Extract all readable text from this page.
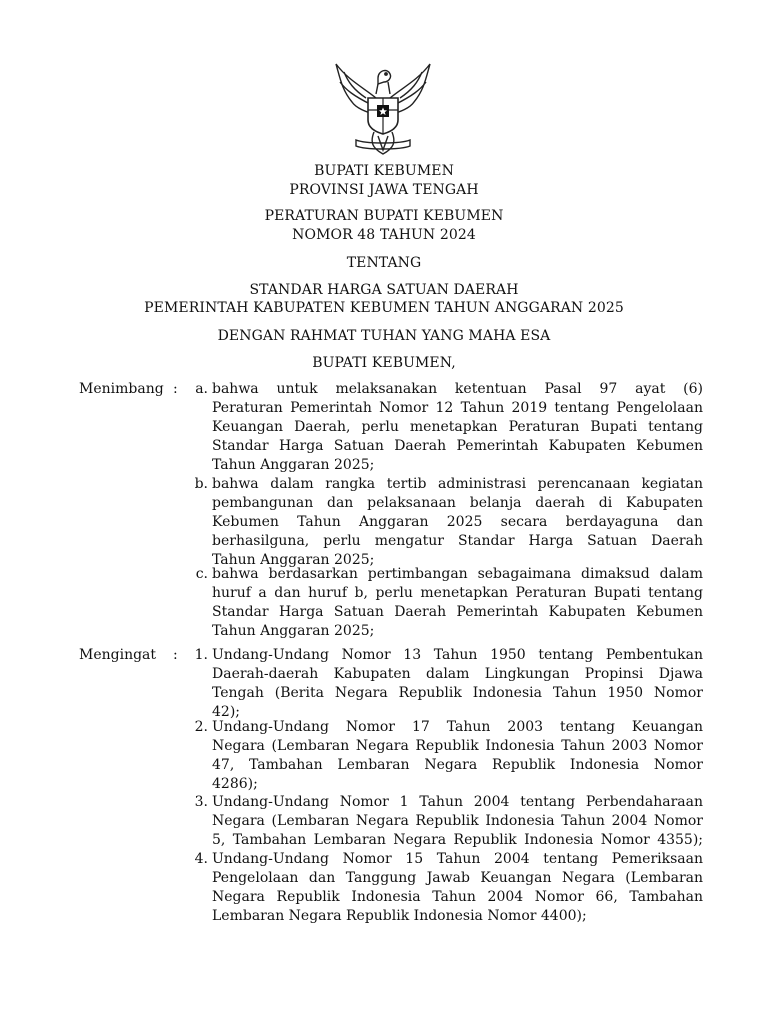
BUPATI KEBUMEN
PROVINSI JAWA TENGAH
PERATURAN BUPATI KEBUMEN
NOMOR 48 TAHUN 2024
TENTANG
STANDAR HARGA SATUAN DAERAH
PEMERINTAH KABUPATEN KEBUMEN TAHUN ANGGARAN 2025
DENGAN RAHMAT TUHAN YANG MAHA ESA
BUPATI KEBUMEN,
Menimbang :	a. bahwa untuk melaksanakan ketentuan Pasal 97 ayat (6)
Peraturan Pemerintah Nomor 12 Tahun 2019 tentang Pengelolaan
Keuangan Daerah, perlu menetapkan Peraturan Bupati tentang
Standar Harga Satuan Daerah Pemerintah Kabupaten Kebumen
Tahun Anggaran 2025;
b. bahwa dalam rangka tertib administrasi perencanaan kegiatan
pembangunan dan pelaksanaan belanja daerah di Kabupaten
Kebumen Tahun Anggaran 2025 secara berdayaguna dan
berhasilguna, perlu mengatur Standar Harga Satuan Daerah
Tahun Anggaran 2025;
c. bahwa berdasarkan pertimbangan sebagaimana dimaksud dalam
huruf a dan huruf b, perlu menetapkan Peraturan Bupati tentang
Standar Harga Satuan Daerah Pemerintah Kabupaten Kebumen
Tahun Anggaran 2025;
Mengingat :	1. Undang-Undang Nomor 13 Tahun 1950 tentang Pembentukan
Daerah-daerah Kabupaten dalam Lingkungan Propinsi Djawa
Tengah (Berita Negara Republik Indonesia Tahun 1950 Nomor
42);
2. Undang-Undang Nomor 17 Tahun 2003 tentang Keuangan
Negara (Lembaran Negara Republik Indonesia Tahun 2003 Nomor
47, Tambahan Lembaran Negara Republik Indonesia Nomor
4286);
3. Undang-Undang Nomor 1 Tahun 2004 tentang Perbendaharaan
Negara (Lembaran Negara Republik Indonesia Tahun 2004 Nomor
5, Tambahan Lembaran Negara Republik Indonesia Nomor 4355);
4. Undang-Undang Nomor 15 Tahun 2004 tentang Pemeriksaan
Pengelolaan dan Tanggung Jawab Keuangan Negara (Lembaran
Negara Republik Indonesia Tahun 2004 Nomor 66, Tambahan
Lembaran Negara Republik Indonesia Nomor 4400);
